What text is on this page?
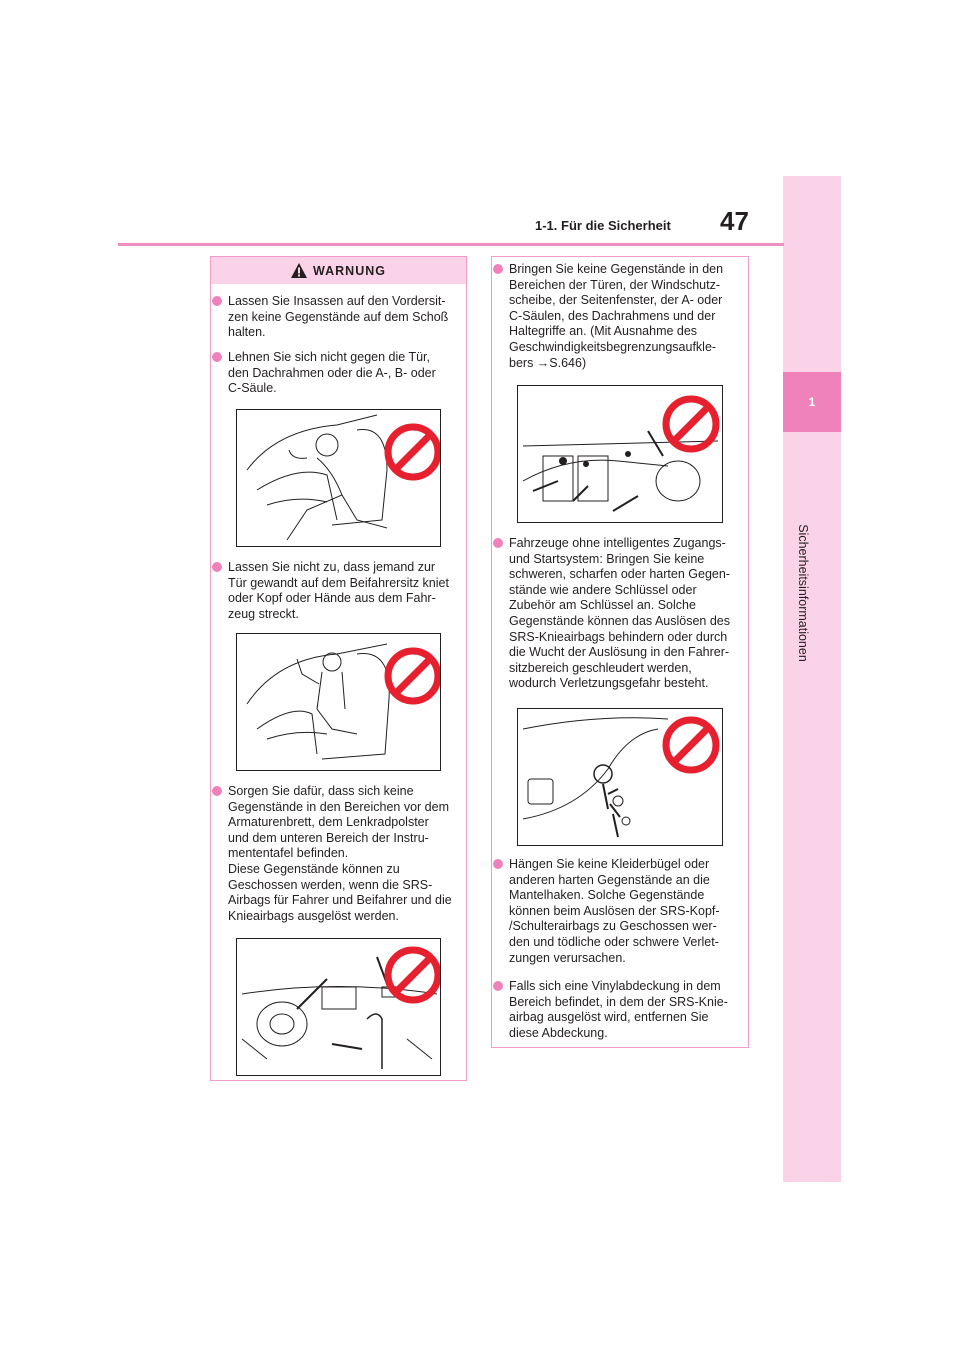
1
Sicherheitsinformationen
1-1. Für die Sicherheit 47
WARNUNG
Lassen Sie Insassen auf den Vordersit-
zen keine Gegenstände auf dem Schoß
halten.
Lehnen Sie sich nicht gegen die Tür,
den Dachrahmen oder die A-, B- oder
C-Säule.
Lassen Sie nicht zu, dass jemand zur
Tür gewandt auf dem Beifahrersitz kniet
oder Kopf oder Hände aus dem Fahr-
zeug streckt.
Sorgen Sie dafür, dass sich keine
Gegenstände in den Bereichen vor dem
Armaturenbrett, dem Lenkradpolster
und dem unteren Bereich der Instru-
mententafel befinden.
Diese Gegenstände können zu
Geschossen werden, wenn die SRS-
Airbags für Fahrer und Beifahrer und die
Knieairbags ausgelöst werden.
Bringen Sie keine Gegenstände in den
Bereichen der Türen, der Windschutz-
scheibe, der Seitenfenster, der A- oder
C-Säulen, des Dachrahmens und der
Haltegriffe an. (Mit Ausnahme des
Geschwindigkeitsbegrenzungsaufkle-
bers →S.646)
Fahrzeuge ohne intelligentes Zugangs-
und Startsystem: Bringen Sie keine
schweren, scharfen oder harten Gegen-
stände wie andere Schlüssel oder
Zubehör am Schlüssel an. Solche
Gegenstände können das Auslösen des
SRS-Knieairbags behindern oder durch
die Wucht der Auslösung in den Fahrer-
sitzbereich geschleudert werden,
wodurch Verletzungsgefahr besteht.
Hängen Sie keine Kleiderbügel oder
anderen harten Gegenstände an die
Mantelhaken. Solche Gegenstände
können beim Auslösen der SRS-Kopf-
/Schulterairbags zu Geschossen wer-
den und tödliche oder schwere Verlet-
zungen verursachen.
Falls sich eine Vinylabdeckung in dem
Bereich befindet, in dem der SRS-Knie-
airbag ausgelöst wird, entfernen Sie
diese Abdeckung.
